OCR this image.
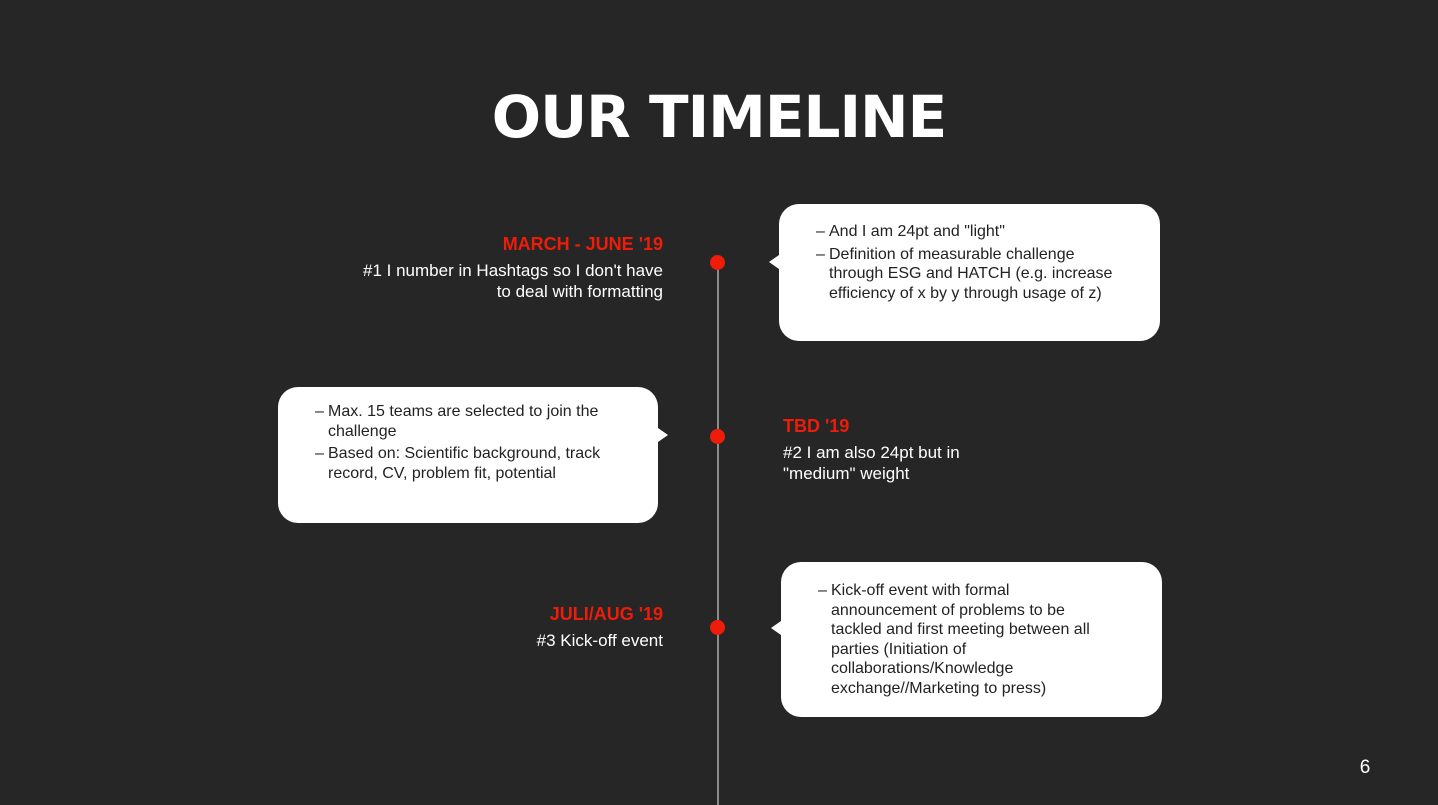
OUR TIMELINE

MARCH - JUNE '19

#1 I number in Hashtags so I don't have to deal with formatting

– And I am 24pt and "light"
– Definition of measurable challenge through ESG and HATCH (e.g. increase efficiency of x by y through usage of z)
– Max. 15 teams are selected to join the challenge
– Based on: Scientific background, track record, CV, problem fit, potential

TBD '19

#2 I am also 24pt but in "medium" weight

JULI/AUG '19

#3 Kick-off event

– Kick-off event with formal announcement of problems to be tackled and first meeting between all parties (Initiation of collaborations/Knowledge exchange//Marketing to press)
6
